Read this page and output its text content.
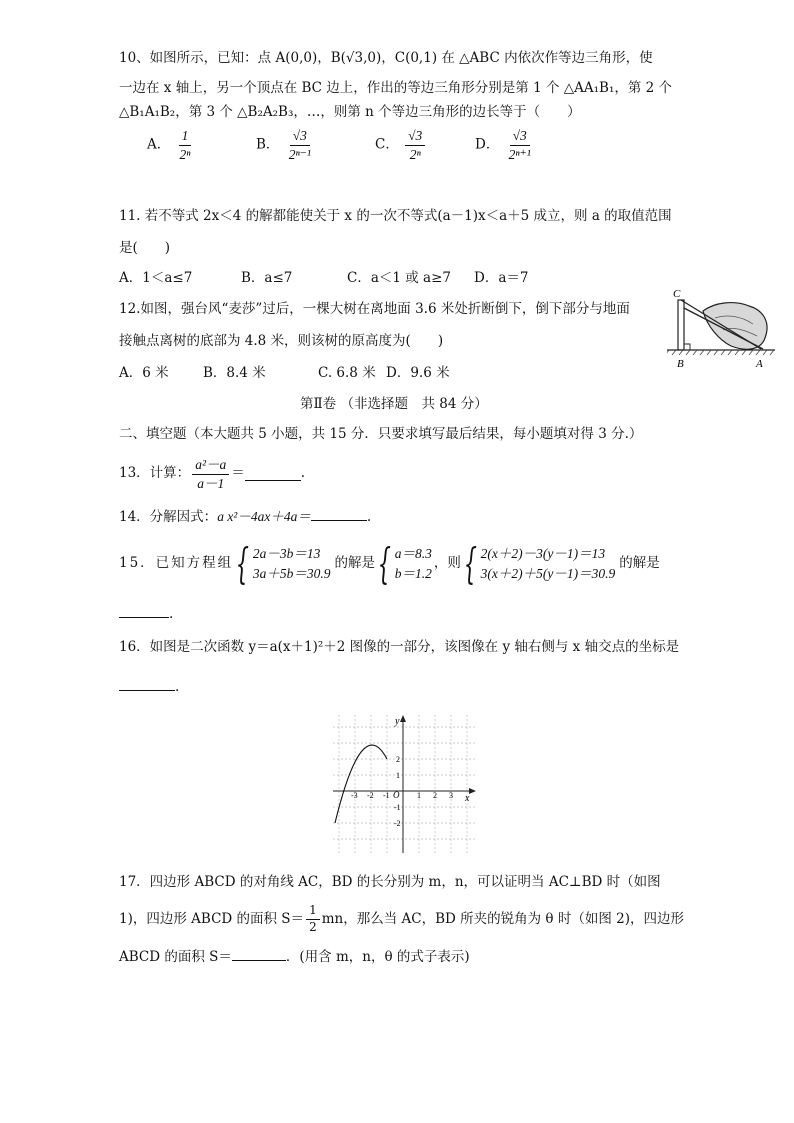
10、如图所示，已知：点 A(0,0)，B(√3,0)，C(0,1) 在 △ABC 内依次作等边三角形，使
一边在 x 轴上，另一个顶点在 BC 边上，作出的等边三角形分别是第 1 个 △AA₁B₁，第 2 个
△B₁A₁B₂，第 3 个 △B₂A₂B₃，…，则第 n 个等边三角形的边长等于（　　）
A． $\frac{1}{\text{2ⁿ}}$	B． $\frac{√3}{\text{2ⁿ⁻¹}}$	C． $\frac{√3}{\text{2ⁿ}}$	D． $\frac{√3}{\text{2ⁿ⁺¹}}$
11. 若不等式 2x＜4 的解都能使关于 x 的一次不等式(a－1)x＜a＋5 成立，则 a 的取值范围
是(　　)
A．1＜a≤7	B．a≤7	C．a＜1 或 a≥7 D．a＝7
12.如图，强台风“麦莎”过后，一棵大树在离地面 3.6 米处折断倒下，倒下部分与地面
接触点离树的底部为 4.8 米，则该树的原高度为(　　)
A．6 米	B．8.4 米	C. 6.8 米 D．9.6 米
C
B	A
第Ⅱ卷 （非选择题　共 84 分）
二、填空题（本大题共 5 小题，共 15 分．只要求填写最后结果，每小题填对得 3 分.）
13．计算： $\frac{\text{a²－a}}{a-1}$ ＝	.
14．分解因式：a x²－4ax＋4a＝	.
15．已知方程组 { 2a－3b＝13
3a＋5b＝30.9
的解是 { a＝8.3
b＝1.2
，则 { 2(x＋2)－3(y－1)＝13
3(x＋2)＋5(y－1)＝30.9
的解是
.
16．如图是二次函数 y＝a(x＋1)²＋2 图像的一部分，该图像在 y 轴右侧与 x 轴交点的坐标是
.
y
x
O
-3 -2 -1	1 2 3
2
1
-1
-2
17．四边形 ABCD 的对角线 AC，BD 的长分别为 m，n，可以证明当 AC⊥BD 时（如图
1)，四边形 ABCD 的面积 $S= \frac{1}{2}$ mn，那么当 AC，BD 所夹的锐角为 θ 时（如图 2)，四边形
ABCD 的面积 S＝	．(用含 m，n，θ 的式子表示)
